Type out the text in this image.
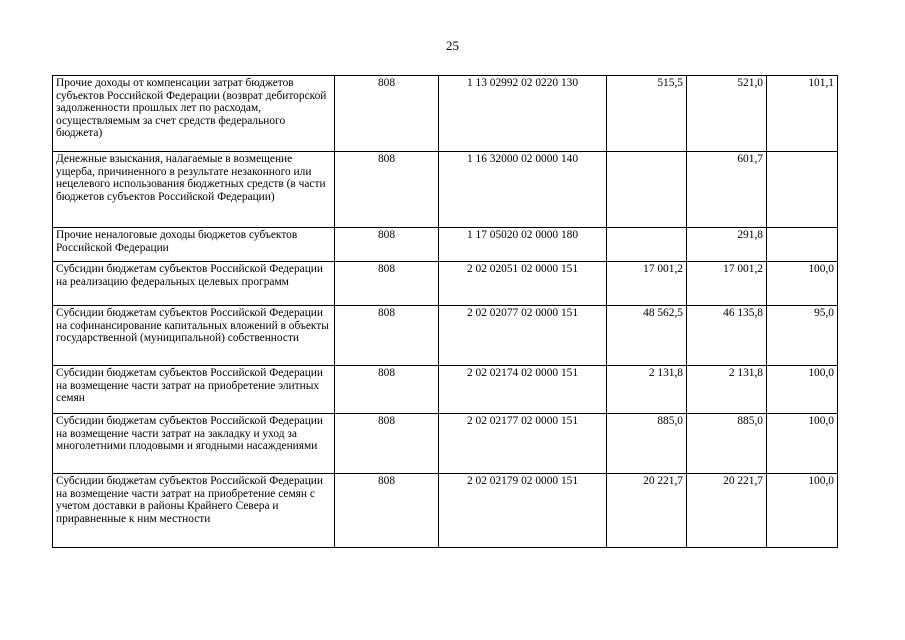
25
Прочие доходы от компенсации затрат бюджетов субъектов Российской Федерации (возврат дебиторской задолженности прошлых лет по расходам, осуществляемым за счет средств федерального бюджета)	808	1 13 02992 02 0220 130	515,5	521,0	101,1
Денежные взыскания, налагаемые в возмещение ущерба, причиненного в результате незаконного или нецелевого использования бюджетных средств (в части бюджетов субъектов Российской Федерации)	808	1 16 32000 02 0000 140		601,7	
Прочие неналоговые доходы бюджетов субъектов Российской Федерации	808	1 17 05020 02 0000 180		291,8	
Субсидии бюджетам субъектов Российской Федерации на реализацию федеральных целевых программ	808	2 02 02051 02 0000 151	17 001,2	17 001,2	100,0
Субсидии бюджетам субъектов Российской Федерации на софинансирование капитальных вложений в объекты государственной (муниципальной) собственности	808	2 02 02077 02 0000 151	48 562,5	46 135,8	95,0
Субсидии бюджетам субъектов Российской Федерации на возмещение части затрат на приобретение элитных семян	808	2 02 02174 02 0000 151	2 131,8	2 131,8	100,0
Субсидии бюджетам субъектов Российской Федерации на возмещение части затрат на закладку и уход за многолетними плодовыми и ягодными насаждениями	808	2 02 02177 02 0000 151	885,0	885,0	100,0
Субсидии бюджетам субъектов Российской Федерации на возмещение части затрат на приобретение семян с учетом доставки в районы Крайнего Севера и приравненные к ним местности	808	2 02 02179 02 0000 151	20 221,7	20 221,7	100,0
